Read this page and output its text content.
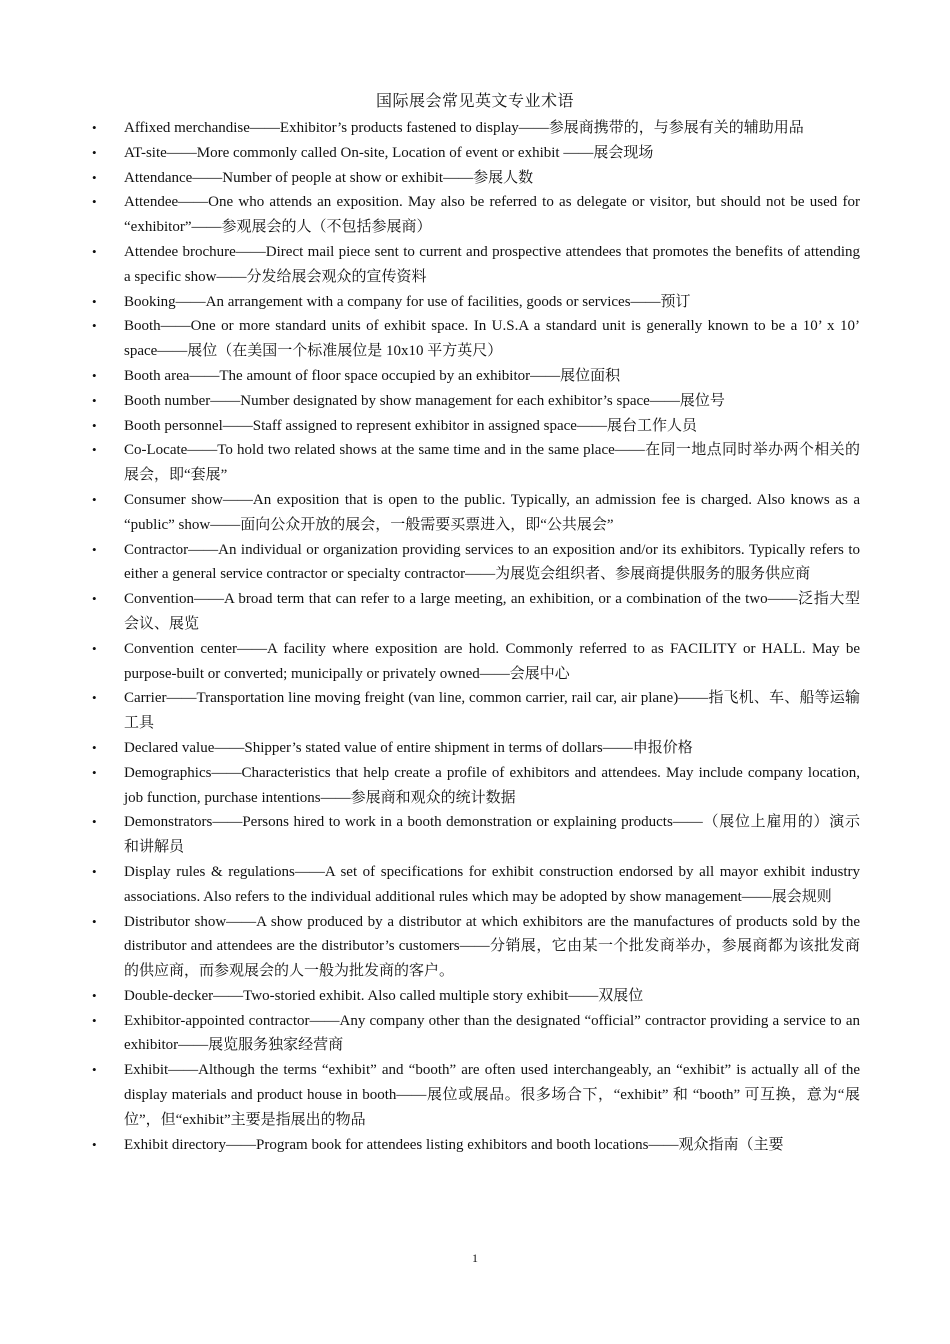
国际展会常见英文专业术语
• Affixed merchandise——Exhibitor’s products fastened to display——参展商携带的，与参展有关的辅助用品
• AT-site——More commonly called On-site, Location of event or exhibit ——展会现场
• Attendance——Number of people at show or exhibit——参展人数
• Attendee——One who attends an exposition. May also be referred to as delegate or visitor, but should not be used for “exhibitor”——参观展会的人（不包括参展商）
• Attendee brochure——Direct mail piece sent to current and prospective attendees that promotes the benefits of attending a specific show——分发给展会观众的宣传资料
• Booking——An arrangement with a company for use of facilities, goods or services——预订
• Booth——One or more standard units of exhibit space. In U.S.A a standard unit is generally known to be a 10’ x 10’ space——展位（在美国一个标准展位是 10x10 平方英尺）
• Booth area——The amount of floor space occupied by an exhibitor——展位面积
• Booth number——Number designated by show management for each exhibitor’s space——展位号
• Booth personnel——Staff assigned to represent exhibitor in assigned space——展台工作人员
• Co-Locate——To hold two related shows at the same time and in the same place——在同一地点同时举办两个相关的展会，即“套展”
• Consumer show——An exposition that is open to the public. Typically, an admission fee is charged. Also knows as a “public” show——面向公众开放的展会，一般需要买票进入，即“公共展会”
• Contractor——An individual or organization providing services to an exposition and/or its exhibitors. Typically refers to either a general service contractor or specialty contractor——为展览会组织者、参展商提供服务的服务供应商
• Convention——A broad term that can refer to a large meeting, an exhibition, or a combination of the two——泛指大型会议、展览
• Convention center——A facility where exposition are hold. Commonly referred to as FACILITY or HALL. May be purpose-built or converted; municipally or privately owned——会展中心
• Carrier——Transportation line moving freight (van line, common carrier, rail car, air plane)——指飞机、车、船等运输工具
• Declared value——Shipper’s stated value of entire shipment in terms of dollars——申报价格
• Demographics——Characteristics that help create a profile of exhibitors and attendees. May include company location, job function, purchase intentions——参展商和观众的统计数据
• Demonstrators——Persons hired to work in a booth demonstration or explaining products——（展位上雇用的）演示和讲解员
• Display rules & regulations——A set of specifications for exhibit construction endorsed by all mayor exhibit industry associations. Also refers to the individual additional rules which may be adopted by show management——展会规则
• Distributor show——A show produced by a distributor at which exhibitors are the manufactures of products sold by the distributor and attendees are the distributor’s customers——分销展，它由某一个批发商举办，参展商都为该批发商的供应商，而参观展会的人一般为批发商的客户。
• Double-decker——Two-storied exhibit. Also called multiple story exhibit——双展位
• Exhibitor-appointed contractor——Any company other than the designated “official” contractor providing a service to an exhibitor——展览服务独家经营商
• Exhibit——Although the terms “exhibit” and “booth” are often used interchangeably, an “exhibit” is actually all of the display materials and product house in booth——展位或展品。很多场合下，“exhibit” 和 “booth” 可互换，意为“展位”，但“exhibit”主要是指展出的物品
• Exhibit directory——Program book for attendees listing exhibitors and booth locations——观众指南（主要
1
